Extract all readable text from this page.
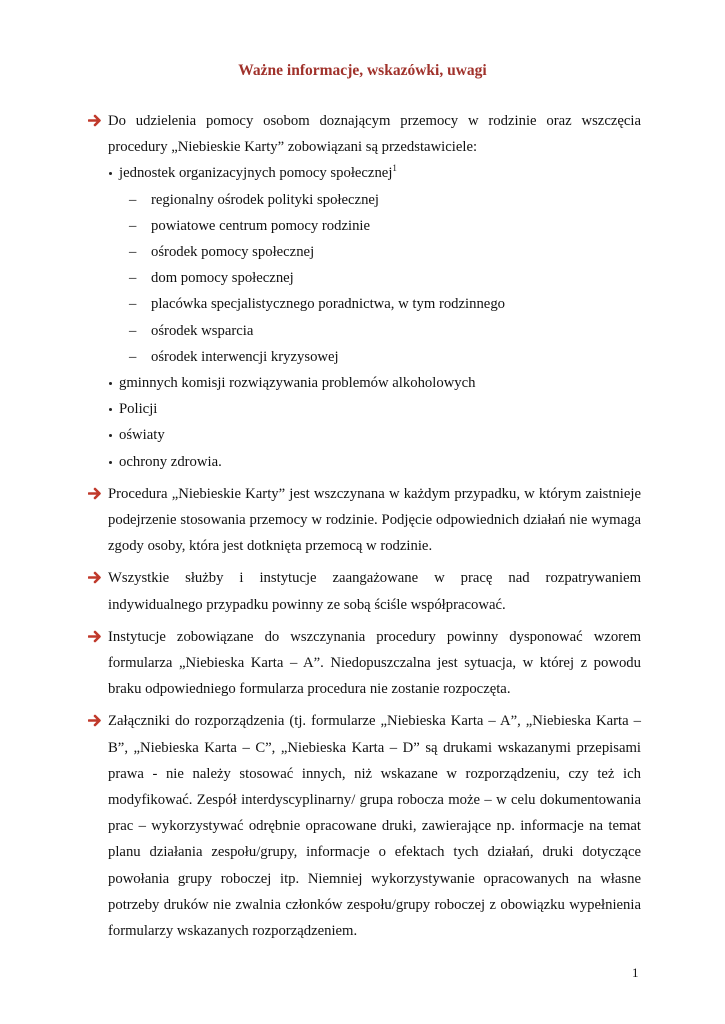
Ważne informacje, wskazówki, uwagi
Do udzielenia pomocy osobom doznającym przemocy w rodzinie oraz wszczęcia procedury „Niebieskie Karty” zobowiązani są przedstawiciele:
jednostek organizacyjnych pomocy społecznej$^1$
– regionalny ośrodek polityki społecznej
– powiatowe centrum pomocy rodzinie
– ośrodek pomocy społecznej
– dom pomocy społecznej
– placówka specjalistycznego poradnictwa, w tym rodzinnego
– ośrodek wsparcia
– ośrodek interwencji kryzysowej
gminnych komisji rozwiązywania problemów alkoholowych
Policji
oświaty
ochrony zdrowia.
Procedura „Niebieskie Karty” jest wszczynana w każdym przypadku, w którym zaistnieje podejrzenie stosowania przemocy w rodzinie. Podjęcie odpowiednich działań nie wymaga zgody osoby, która jest dotknięta przemocą w rodzinie.
Wszystkie służby i instytucje zaangażowane w pracę nad rozpatrywaniem indywidualnego przypadku powinny ze sobą ściśle współpracować.
Instytucje zobowiązane do wszczynania procedury powinny dysponować wzorem formularza „Niebieska Karta – A”. Niedopuszczalna jest sytuacja, w której z powodu braku odpowiedniego formularza procedura nie zostanie rozpoczęta.
Załączniki do rozporządzenia (tj. formularze „Niebieska Karta – A”, „Niebieska Karta – B”, „Niebieska Karta – C”, „Niebieska Karta – D” są drukami wskazanymi przepisami prawa - nie należy stosować innych, niż wskazane w rozporządzeniu, czy też ich modyfikować. Zespół interdyscyplinarny/ grupa robocza może – w celu dokumentowania prac – wykorzystywać odrębnie opracowane druki, zawierające np. informacje na temat planu działania zespołu/grupy, informacje o efektach tych działań, druki dotyczące powołania grupy roboczej itp. Niemniej wykorzystywanie opracowanych na własne potrzeby druków nie zwalnia członków zespołu/grupy roboczej z obowiązku wypełnienia formularzy wskazanych rozporządzeniem.
1
